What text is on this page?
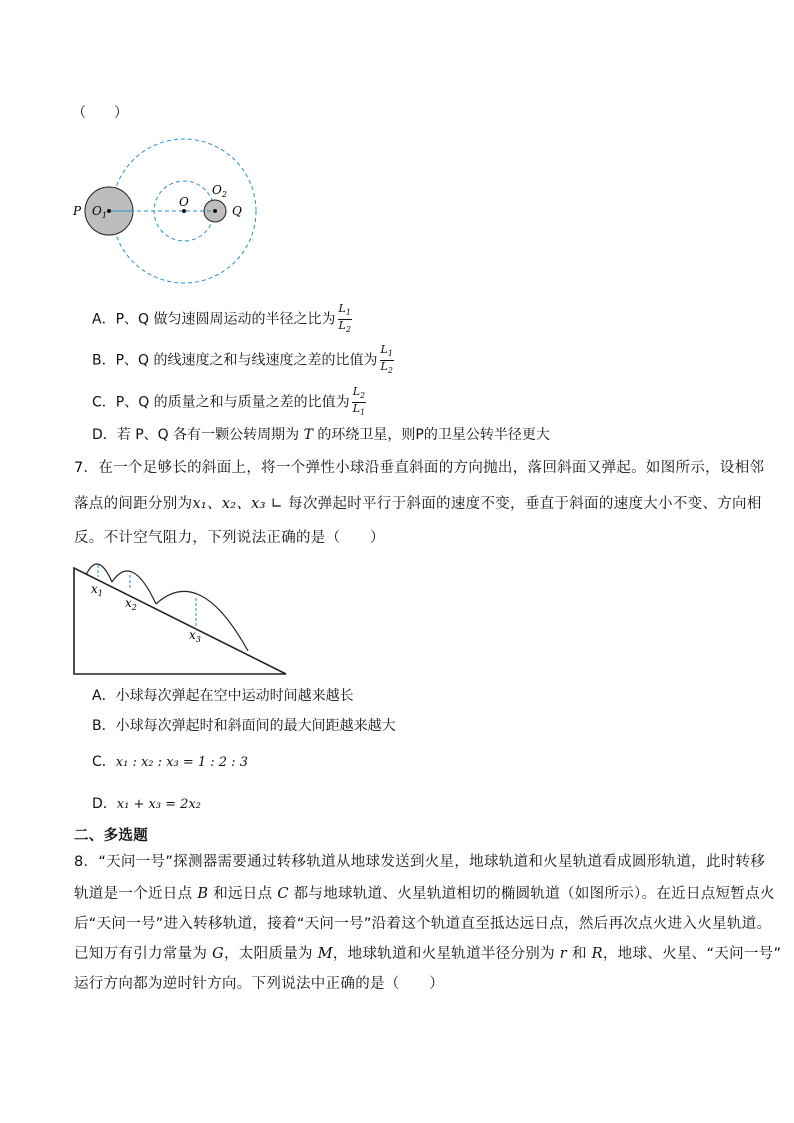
（　　）
P $O_1$
O
$O_2$
Q
A．P、Q 做匀速圆周运动的半径之比为 $\frac{L_1}{L_2}$
B．P、Q 的线速度之和与线速度之差的比值为 $\frac{L_1}{L_2}$
C．P、Q 的质量之和与质量之差的比值为 $\frac{L_2}{L_1}$
D．若 P、Q 各有一颗公转周期为 T 的环绕卫星，则P的卫星公转半径更大
7．在一个足够长的斜面上，将一个弹性小球沿垂直斜面的方向抛出，落回斜面又弹起。如图所示，设相邻
落点的间距分别为x₁、x₂、x₃ ∟ 每次弹起时平行于斜面的速度不变，垂直于斜面的速度大小不变、方向相
反。不计空气阻力，下列说法正确的是（　　）
$x_1$
$x_2$
$x_3$
A．小球每次弹起在空中运动时间越来越长
B．小球每次弹起时和斜面间的最大间距越来越大
C．x₁ : x₂ : x₃ = 1 : 2 : 3
D．x₁ + x₃ = 2x₂
二、多选题
8．“天问一号”探测器需要通过转移轨道从地球发送到火星，地球轨道和火星轨道看成圆形轨道，此时转移
轨道是一个近日点 B 和远日点 C 都与地球轨道、火星轨道相切的椭圆轨道（如图所示）。在近日点短暂点火
后“天问一号”进入转移轨道，接着“天问一号”沿着这个轨道直至抵达远日点，然后再次点火进入火星轨道。
已知万有引力常量为 G，太阳质量为 M，地球轨道和火星轨道半径分别为 r 和 R，地球、火星、“天问一号”
运行方向都为逆时针方向。下列说法中正确的是（　　）
